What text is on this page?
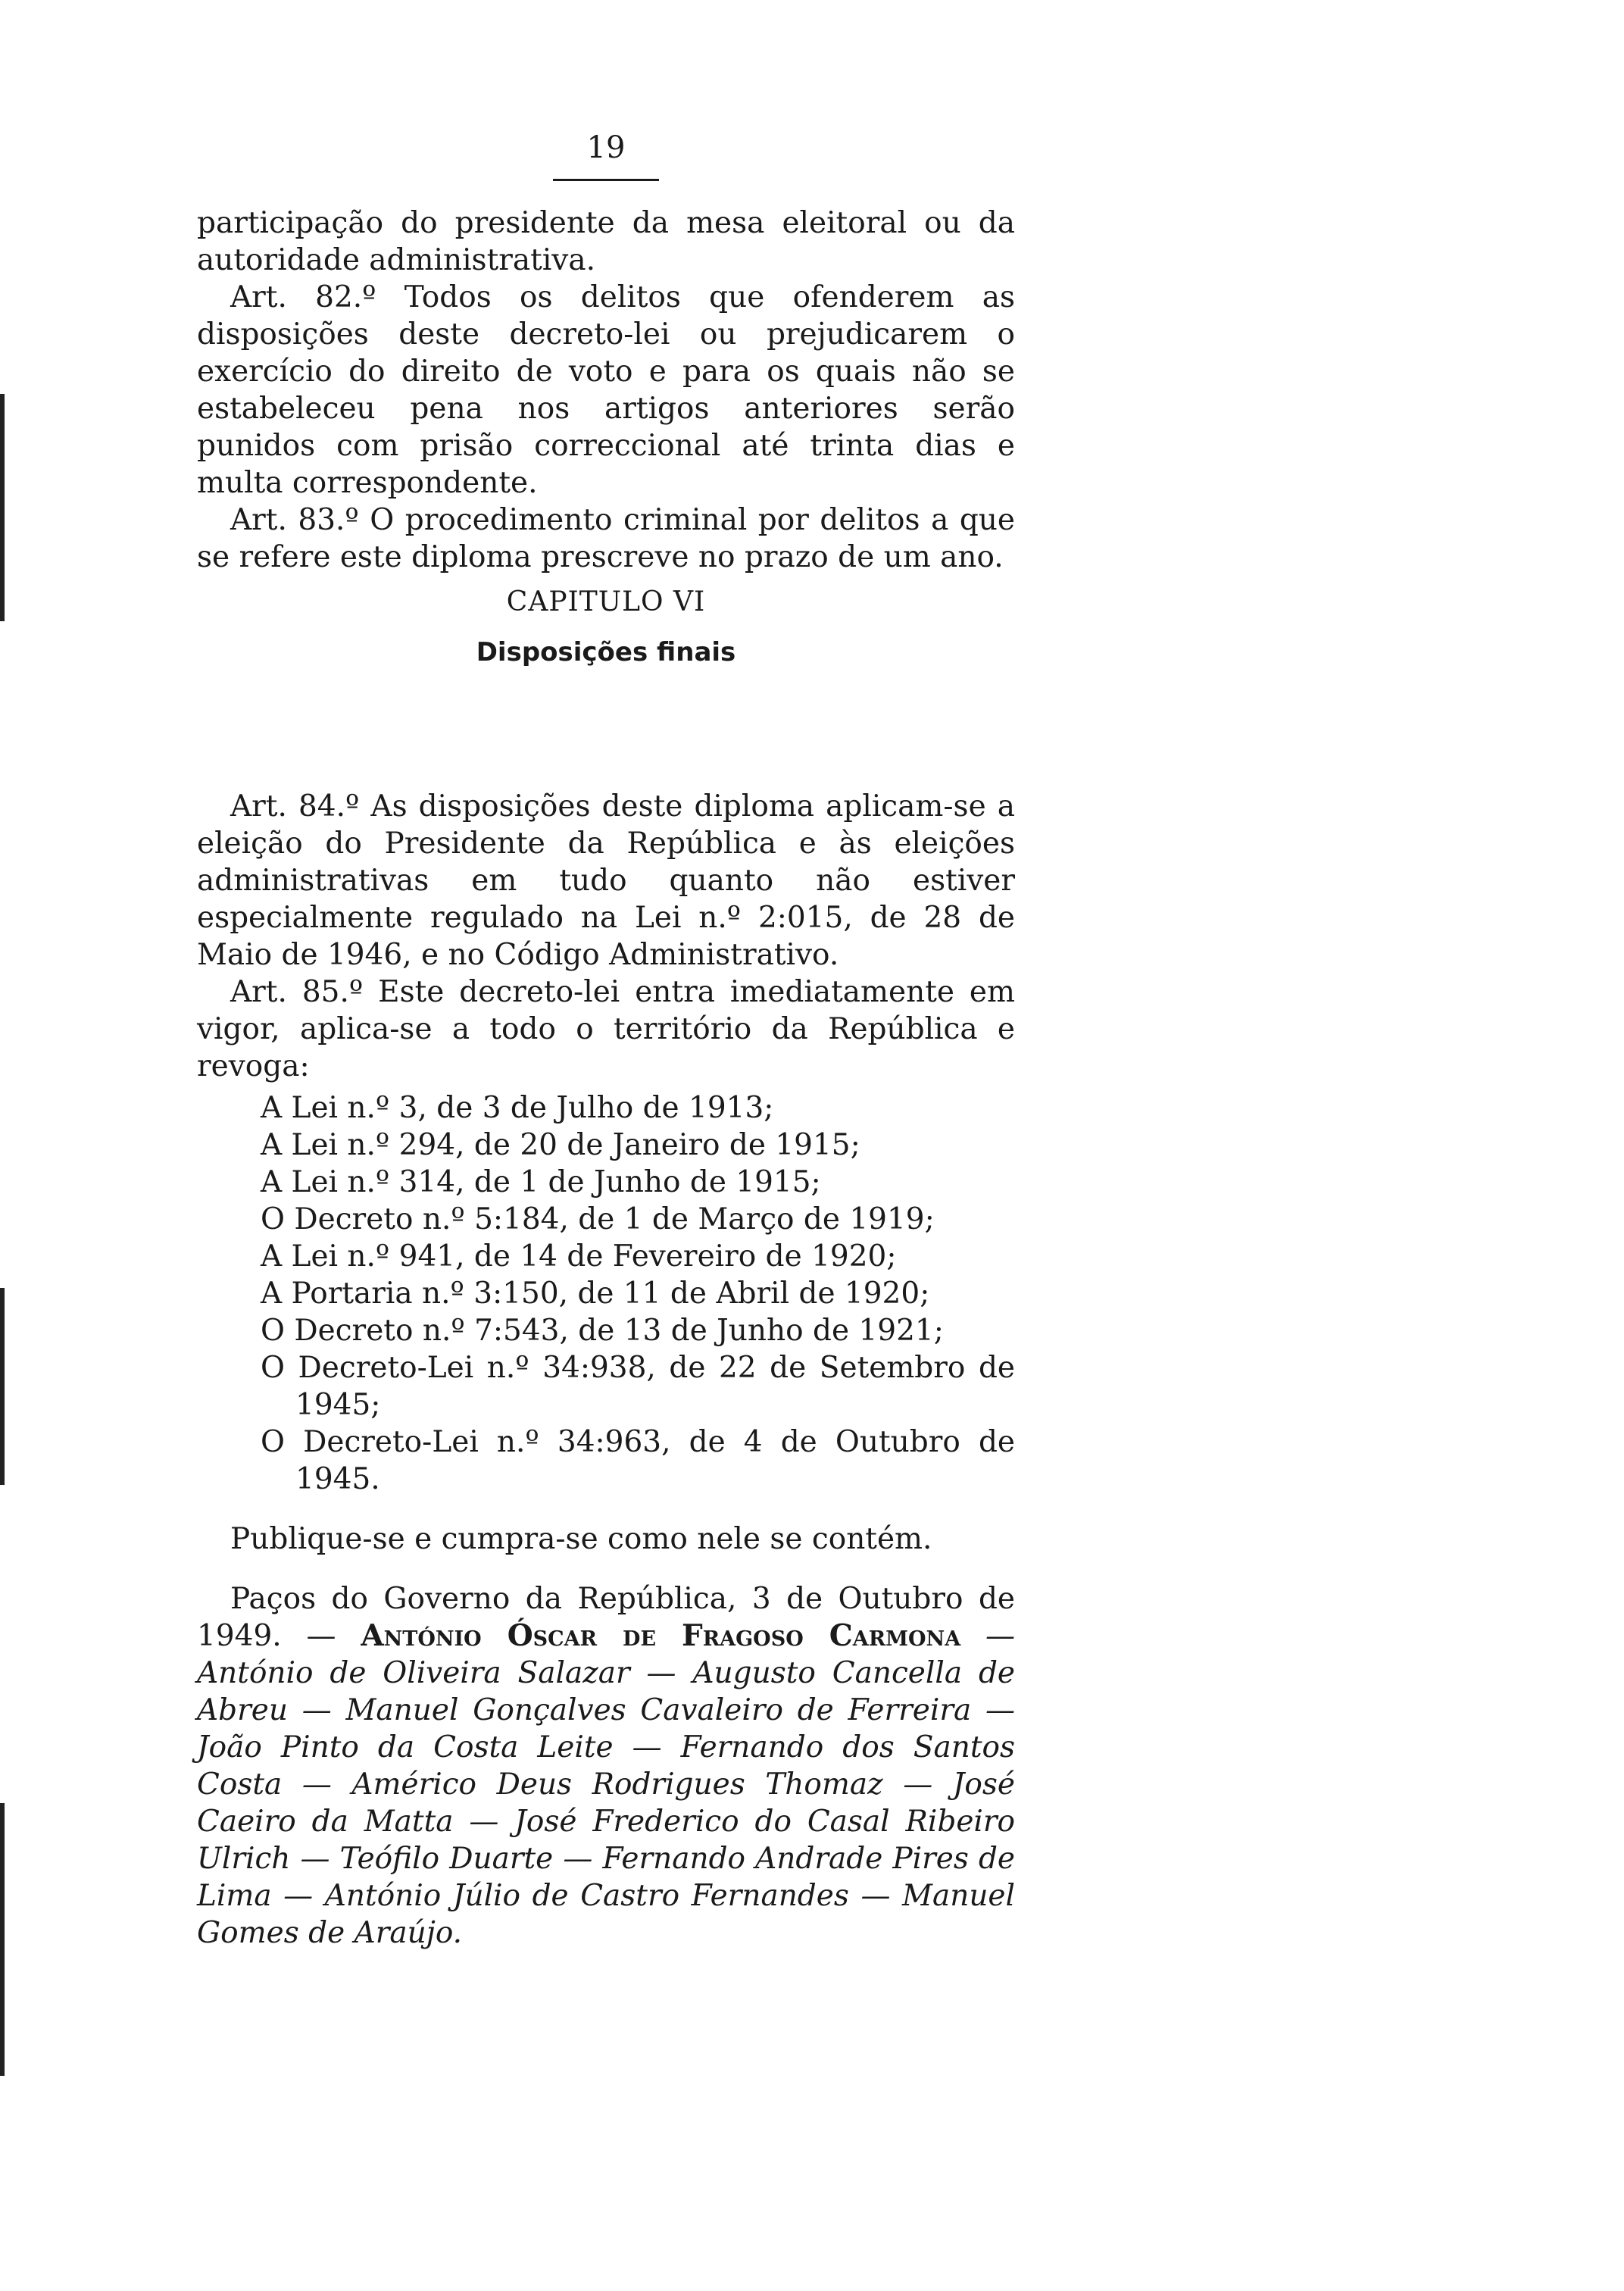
19

participação do presidente da mesa eleitoral ou da autoridade administrativa.

Art. 82.º Todos os delitos que ofenderem as disposições deste decreto-lei ou prejudicarem o exercício do direito de voto e para os quais não se estabeleceu pena nos artigos anteriores serão punidos com prisão correccional até trinta dias e multa correspondente.

Art. 83.º O procedimento criminal por delitos a que se refere este diploma prescreve no prazo de um ano.

CAPITULO VI

Disposições finais

Art. 84.º As disposições deste diploma aplicam-se a eleição do Presidente da República e às eleições administrativas em tudo quanto não estiver especialmente regulado na Lei n.º 2:015, de 28 de Maio de 1946, e no Código Administrativo.

Art. 85.º Este decreto-lei entra imediatamente em vigor, aplica-se a todo o território da República e revoga:

A Lei n.º 3, de 3 de Julho de 1913;
A Lei n.º 294, de 20 de Janeiro de 1915;
A Lei n.º 314, de 1 de Junho de 1915;
O Decreto n.º 5:184, de 1 de Março de 1919;
A Lei n.º 941, de 14 de Fevereiro de 1920;
A Portaria n.º 3:150, de 11 de Abril de 1920;
O Decreto n.º 7:543, de 13 de Junho de 1921;
O Decreto-Lei n.º 34:938, de 22 de Setembro de 1945;
O Decreto-Lei n.º 34:963, de 4 de Outubro de 1945.

Publique-se e cumpra-se como nele se contém.

Paços do Governo da República, 3 de Outubro de 1949. — António Óscar de Fragoso Carmona — António de Oliveira Salazar — Augusto Cancella de Abreu — Manuel Gonçalves Cavaleiro de Ferreira — João Pinto da Costa Leite — Fernando dos Santos Costa — Américo Deus Rodrigues Thomaz — José Caeiro da Matta — José Frederico do Casal Ribeiro Ulrich — Teófilo Duarte — Fernando Andrade Pires de Lima — António Júlio de Castro Fernandes — Manuel Gomes de Araújo.
